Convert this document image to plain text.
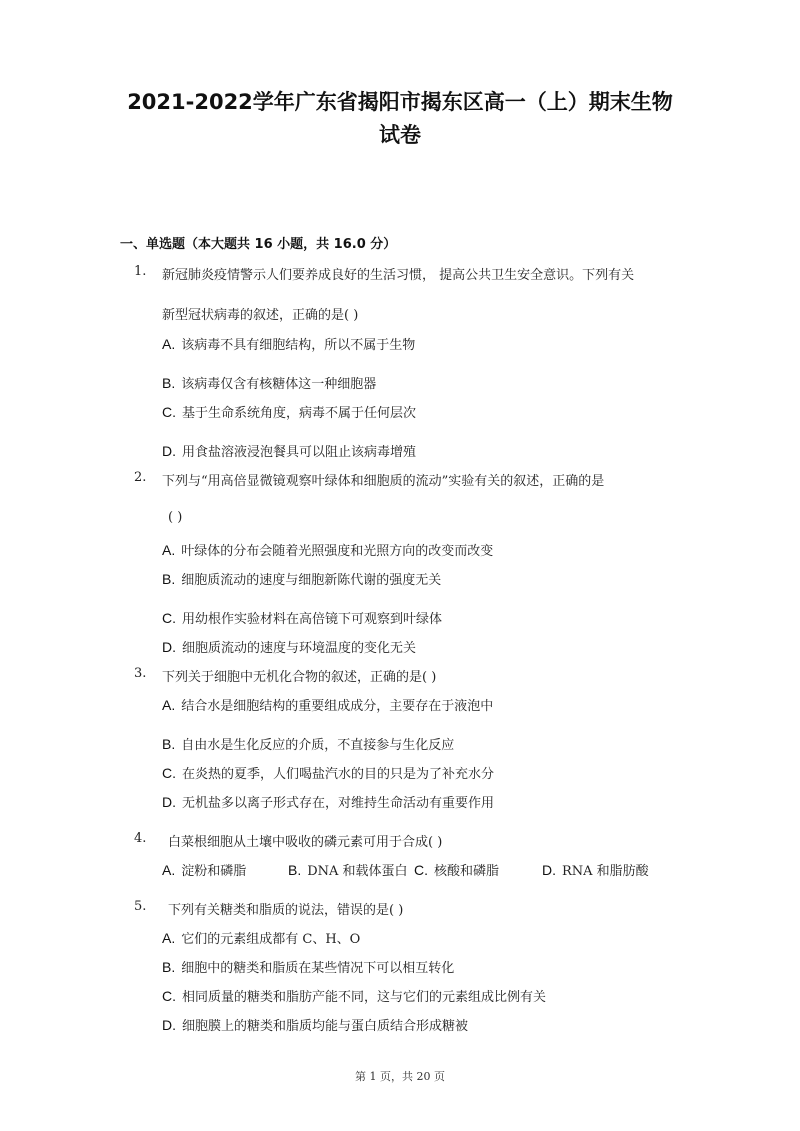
2021-2022学年广东省揭阳市揭东区高一（上）期末生物
试卷
一、单选题（本大题共 16 小题，共 16.0 分）
1. 新冠肺炎疫情警示人们要养成良好的生活习惯， 提高公共卫生安全意识。下列有关
新型冠状病毒的叙述，正确的是( )
A. 该病毒不具有细胞结构，所以不属于生物
B. 该病毒仅含有核糖体这一种细胞器
C. 基于生命系统角度，病毒不属于任何层次
D. 用食盐溶液浸泡餐具可以阻止该病毒增殖
2. 下列与“用高倍显微镜观察叶绿体和细胞质的流动”实验有关的叙述，正确的是
( )
A. 叶绿体的分布会随着光照强度和光照方向的改变而改变
B. 细胞质流动的速度与细胞新陈代谢的强度无关
C. 用幼根作实验材料在高倍镜下可观察到叶绿体
D. 细胞质流动的速度与环境温度的变化无关
3. 下列关于细胞中无机化合物的叙述，正确的是( )
A. 结合水是细胞结构的重要组成成分，主要存在于液泡中
B. 自由水是生化反应的介质，不直接参与生化反应
C. 在炎热的夏季，人们喝盐汽水的目的只是为了补充水分
D. 无机盐多以离子形式存在，对维持生命活动有重要作用
4. 白菜根细胞从土壤中吸收的磷元素可用于合成( )
A. 淀粉和磷脂	B. DNA 和载体蛋白 C. 核酸和磷脂	D. RNA 和脂肪酸
5. 下列有关糖类和脂质的说法，错误的是( )
A. 它们的元素组成都有 C、H、O
B. 细胞中的糖类和脂质在某些情况下可以相互转化
C. 相同质量的糖类和脂肪产能不同，这与它们的元素组成比例有关
D. 细胞膜上的糖类和脂质均能与蛋白质结合形成糖被
第 1 页，共 20 页
